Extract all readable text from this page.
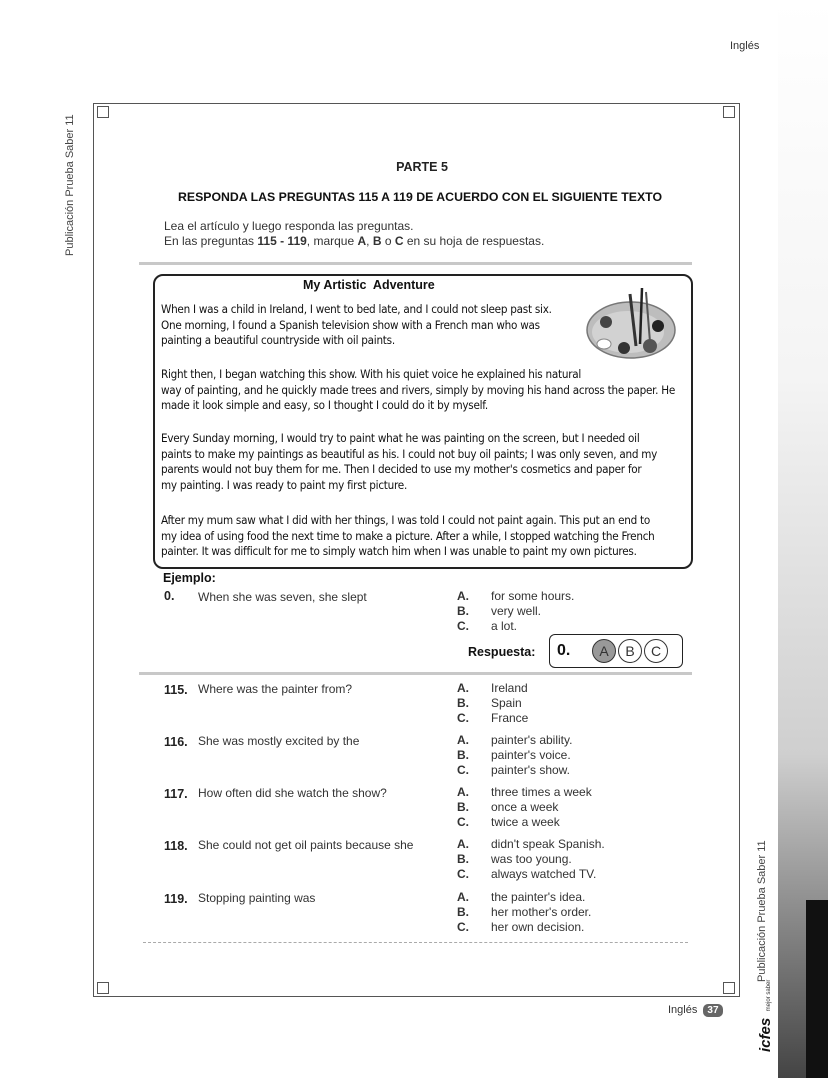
Inglés
Publicación Prueba Saber 11
Publicación Prueba Saber 11
icfes mejor saber
PARTE 5
RESPONDA LAS PREGUNTAS 115 A 119 DE ACUERDO CON EL SIGUIENTE TEXTO
Lea el artículo y luego responda las preguntas.
En las preguntas 115 - 119, marque A, B o C en su hoja de respuestas.
My Artistic  Adventure
When I was a child in Ireland, I went to bed late, and I could not sleep past six.
One morning, I found a Spanish television show with a French man who was
painting a beautiful countryside with oil paints.
Right then, I began watching this show. With his quiet voice he explained his natural
way of painting, and he quickly made trees and rivers, simply by moving his hand across the paper. He
made it look simple and easy, so I thought I could do it by myself.
Every Sunday morning, I would try to paint what he was painting on the screen, but I needed oil
paints to make my paintings as beautiful as his. I could not buy oil paints; I was only seven, and my
parents would not buy them for me. Then I decided to use my mother's cosmetics and paper for
my painting. I was ready to paint my first picture.
After my mum saw what I did with her things, I was told I could not paint again. This put an end to
my idea of using food the next time to make a picture. After a while, I stopped watching the French
painter. It was difficult for me to simply watch him when I was unable to paint my own pictures.
Ejemplo:
0. When she was seven, she slept	A. for some hours.
B. very well.
C. a lot.
Respuesta: 0.	A B C
115. Where was the painter from?	A. Ireland
B. Spain
C. France
116. She was mostly excited by the	A. painter's ability.
B. painter's voice.
C. painter's show.
117. How often did she watch the show?	A. three times a week
B. once a week
C. twice a week
118. She could not get oil paints because she	A. didn't speak Spanish.
B. was too young.
C. always watched TV.
119. Stopping painting was	A. the painter's idea.
B. her mother's order.
C. her own decision.
Inglés 37
